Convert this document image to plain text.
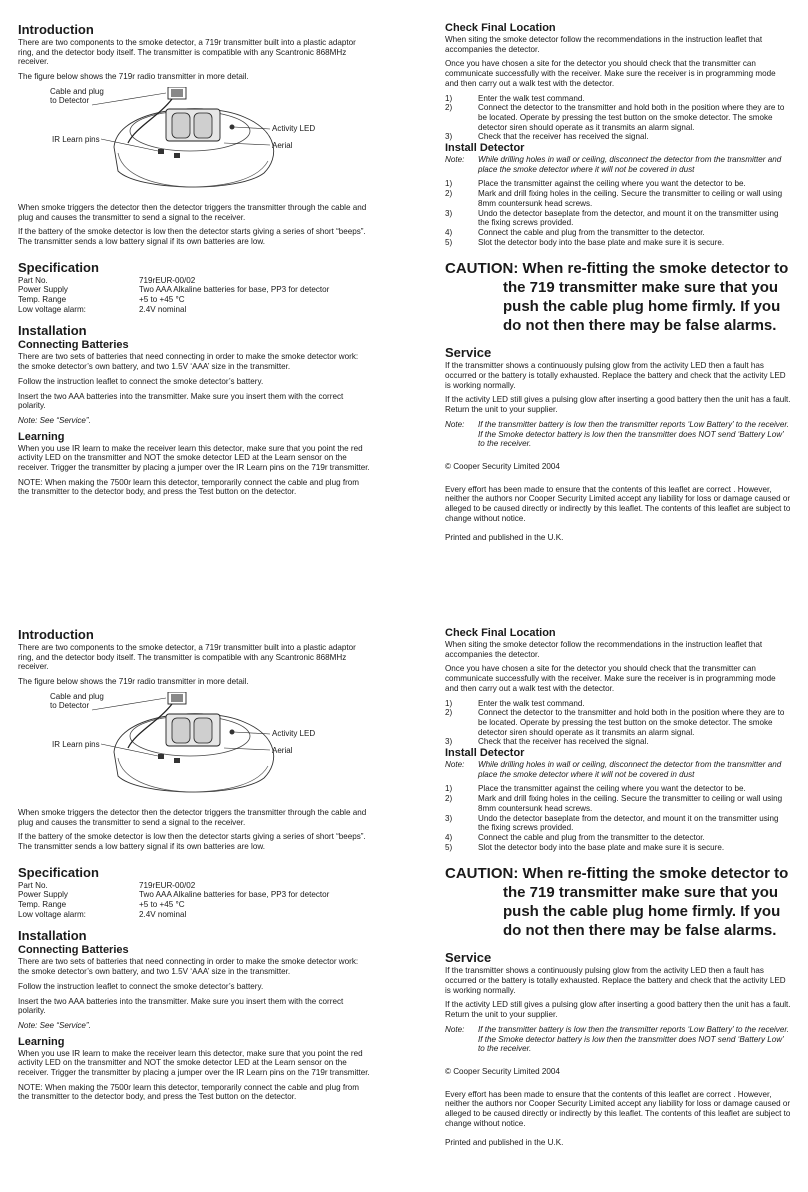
Introduction
There are two components to the smoke detector, a 719r transmitter built into a plastic adaptor ring, and the detector body itself. The transmitter is compatible with any Scantronic 868MHz receiver.
The figure below shows the 719r radio transmitter in more detail.
Cable and plug
to Detector
IR Learn pins
Activity LED
Aerial
When smoke triggers the detector then the detector triggers the transmitter through the cable and plug and causes the transmitter to send a signal to the receiver.
If the battery of the smoke detector is low then the detector starts giving a series of short “beeps”. The transmitter sends a low battery signal if its own batteries are low.
Specification
Part No.	719rEUR-00/02
Power Supply	Two AAA Alkaline batteries for base, PP3 for detector
Temp. Range	+5 to +45 °C
Low voltage alarm:	2.4V nominal
Installation
Connecting Batteries
There are two sets of batteries that need connecting in order to make the smoke detector work: the smoke detector’s own battery, and two 1.5V ‘AAA’ size in the transmitter.
Follow the instruction leaflet to connect the smoke detector’s battery.
Insert the two AAA batteries into the transmitter. Make sure you insert them with the correct polarity.
Note: See “Service”.
Learning
When you use IR learn to make the receiver learn this detector, make sure that you point the red activity LED on the transmitter and NOT the smoke detector LED at the Learn sensor on the receiver. Trigger the transmitter by placing a jumper over the IR Learn pins on the 719r transmitter.
NOTE: When making the 7500r learn this detector, temporarily connect the cable and plug from the transmitter to the detector body, and press the Test button on the detector.
Check Final Location
When siting the smoke detector follow the recommendations in the instruction leaflet that accompanies the detector.
Once you have chosen a site for the detector you should check that the transmitter can communicate successfully with the receiver. Make sure the receiver is in programming mode and then carry out a walk test with the detector.
1)	Enter the walk test command.
2)	Connect the detector to the transmitter and hold both in the position where they are to be located. Operate by pressing the test button on the smoke detector. The smoke detector siren should operate as it transmits an alarm signal.
3)	Check that the receiver has received the signal.
Install Detector
Note:	While drilling holes in wall or ceiling, disconnect the detector from the transmitter and place the smoke detector where it will not be covered in dust
1)	Place the transmitter against the ceiling where you want the detector to be.
2)	Mark and drill fixing holes in the ceiling. Secure the transmitter to ceiling or wall using 8mm countersunk head screws.
3)	Undo the detector baseplate from the detector, and mount it on the transmitter using the fixing screws provided.
4)	Connect the cable and plug from the transmitter to the detector.
5)	Slot the detector body into the base plate and make sure it is secure.
CAUTION: When re-fitting the smoke detector to the 719 transmitter make sure that you push the cable plug home firmly. If you do not then there may be false alarms.
Service
If the transmitter shows a continuously pulsing glow from the activity LED then a fault has occurred or the battery is totally exhausted. Replace the battery and check that the activity LED is working normally.
If the activity LED still gives a pulsing glow after inserting a good battery then the unit has a fault. Return the unit to your supplier.
Note:	If the transmitter battery is low then the transmitter reports ‘Low Battery’ to the receiver. If the Smoke detector battery is low then the transmitter does NOT send ‘Battery Low’ to the receiver.
© Cooper Security Limited 2004
Every effort has been made to ensure that the contents of this leaflet are correct . However, neither the authors nor Cooper Security Limited accept any liability for loss or damage caused or alleged to be caused directly or indirectly by this leaflet. The contents of this leaflet are subject to change without notice.
Printed and published in the U.K.
Introduction
There are two components to the smoke detector, a 719r transmitter built into a plastic adaptor ring, and the detector body itself. The transmitter is compatible with any Scantronic 868MHz receiver.
The figure below shows the 719r radio transmitter in more detail.
Cable and plug
to Detector
IR Learn pins
Activity LED
Aerial
When smoke triggers the detector then the detector triggers the transmitter through the cable and plug and causes the transmitter to send a signal to the receiver.
If the battery of the smoke detector is low then the detector starts giving a series of short “beeps”. The transmitter sends a low battery signal if its own batteries are low.
Specification
Part No.	719rEUR-00/02
Power Supply	Two AAA Alkaline batteries for base, PP3 for detector
Temp. Range	+5 to +45 °C
Low voltage alarm:	2.4V nominal
Installation
Connecting Batteries
There are two sets of batteries that need connecting in order to make the smoke detector work: the smoke detector’s own battery, and two 1.5V ‘AAA’ size in the transmitter.
Follow the instruction leaflet to connect the smoke detector’s battery.
Insert the two AAA batteries into the transmitter. Make sure you insert them with the correct polarity.
Note: See “Service”.
Learning
When you use IR learn to make the receiver learn this detector, make sure that you point the red activity LED on the transmitter and NOT the smoke detector LED at the Learn sensor on the receiver. Trigger the transmitter by placing a jumper over the IR Learn pins on the 719r transmitter.
NOTE: When making the 7500r learn this detector, temporarily connect the cable and plug from the transmitter to the detector body, and press the Test button on the detector.
Check Final Location
When siting the smoke detector follow the recommendations in the instruction leaflet that accompanies the detector.
Once you have chosen a site for the detector you should check that the transmitter can communicate successfully with the receiver. Make sure the receiver is in programming mode and then carry out a walk test with the detector.
1)	Enter the walk test command.
2)	Connect the detector to the transmitter and hold both in the position where they are to be located. Operate by pressing the test button on the smoke detector. The smoke detector siren should operate as it transmits an alarm signal.
3)	Check that the receiver has received the signal.
Install Detector
Note:	While drilling holes in wall or ceiling, disconnect the detector from the transmitter and place the smoke detector where it will not be covered in dust
1)	Place the transmitter against the ceiling where you want the detector to be.
2)	Mark and drill fixing holes in the ceiling. Secure the transmitter to ceiling or wall using 8mm countersunk head screws.
3)	Undo the detector baseplate from the detector, and mount it on the transmitter using the fixing screws provided.
4)	Connect the cable and plug from the transmitter to the detector.
5)	Slot the detector body into the base plate and make sure it is secure.
CAUTION: When re-fitting the smoke detector to the 719 transmitter make sure that you push the cable plug home firmly. If you do not then there may be false alarms.
Service
If the transmitter shows a continuously pulsing glow from the activity LED then a fault has occurred or the battery is totally exhausted. Replace the battery and check that the activity LED is working normally.
If the activity LED still gives a pulsing glow after inserting a good battery then the unit has a fault. Return the unit to your supplier.
Note:	If the transmitter battery is low then the transmitter reports ‘Low Battery’ to the receiver. If the Smoke detector battery is low then the transmitter does NOT send ‘Battery Low’ to the receiver.
© Cooper Security Limited 2004
Every effort has been made to ensure that the contents of this leaflet are correct . However, neither the authors nor Cooper Security Limited accept any liability for loss or damage caused or alleged to be caused directly or indirectly by this leaflet. The contents of this leaflet are subject to change without notice.
Printed and published in the U.K.
